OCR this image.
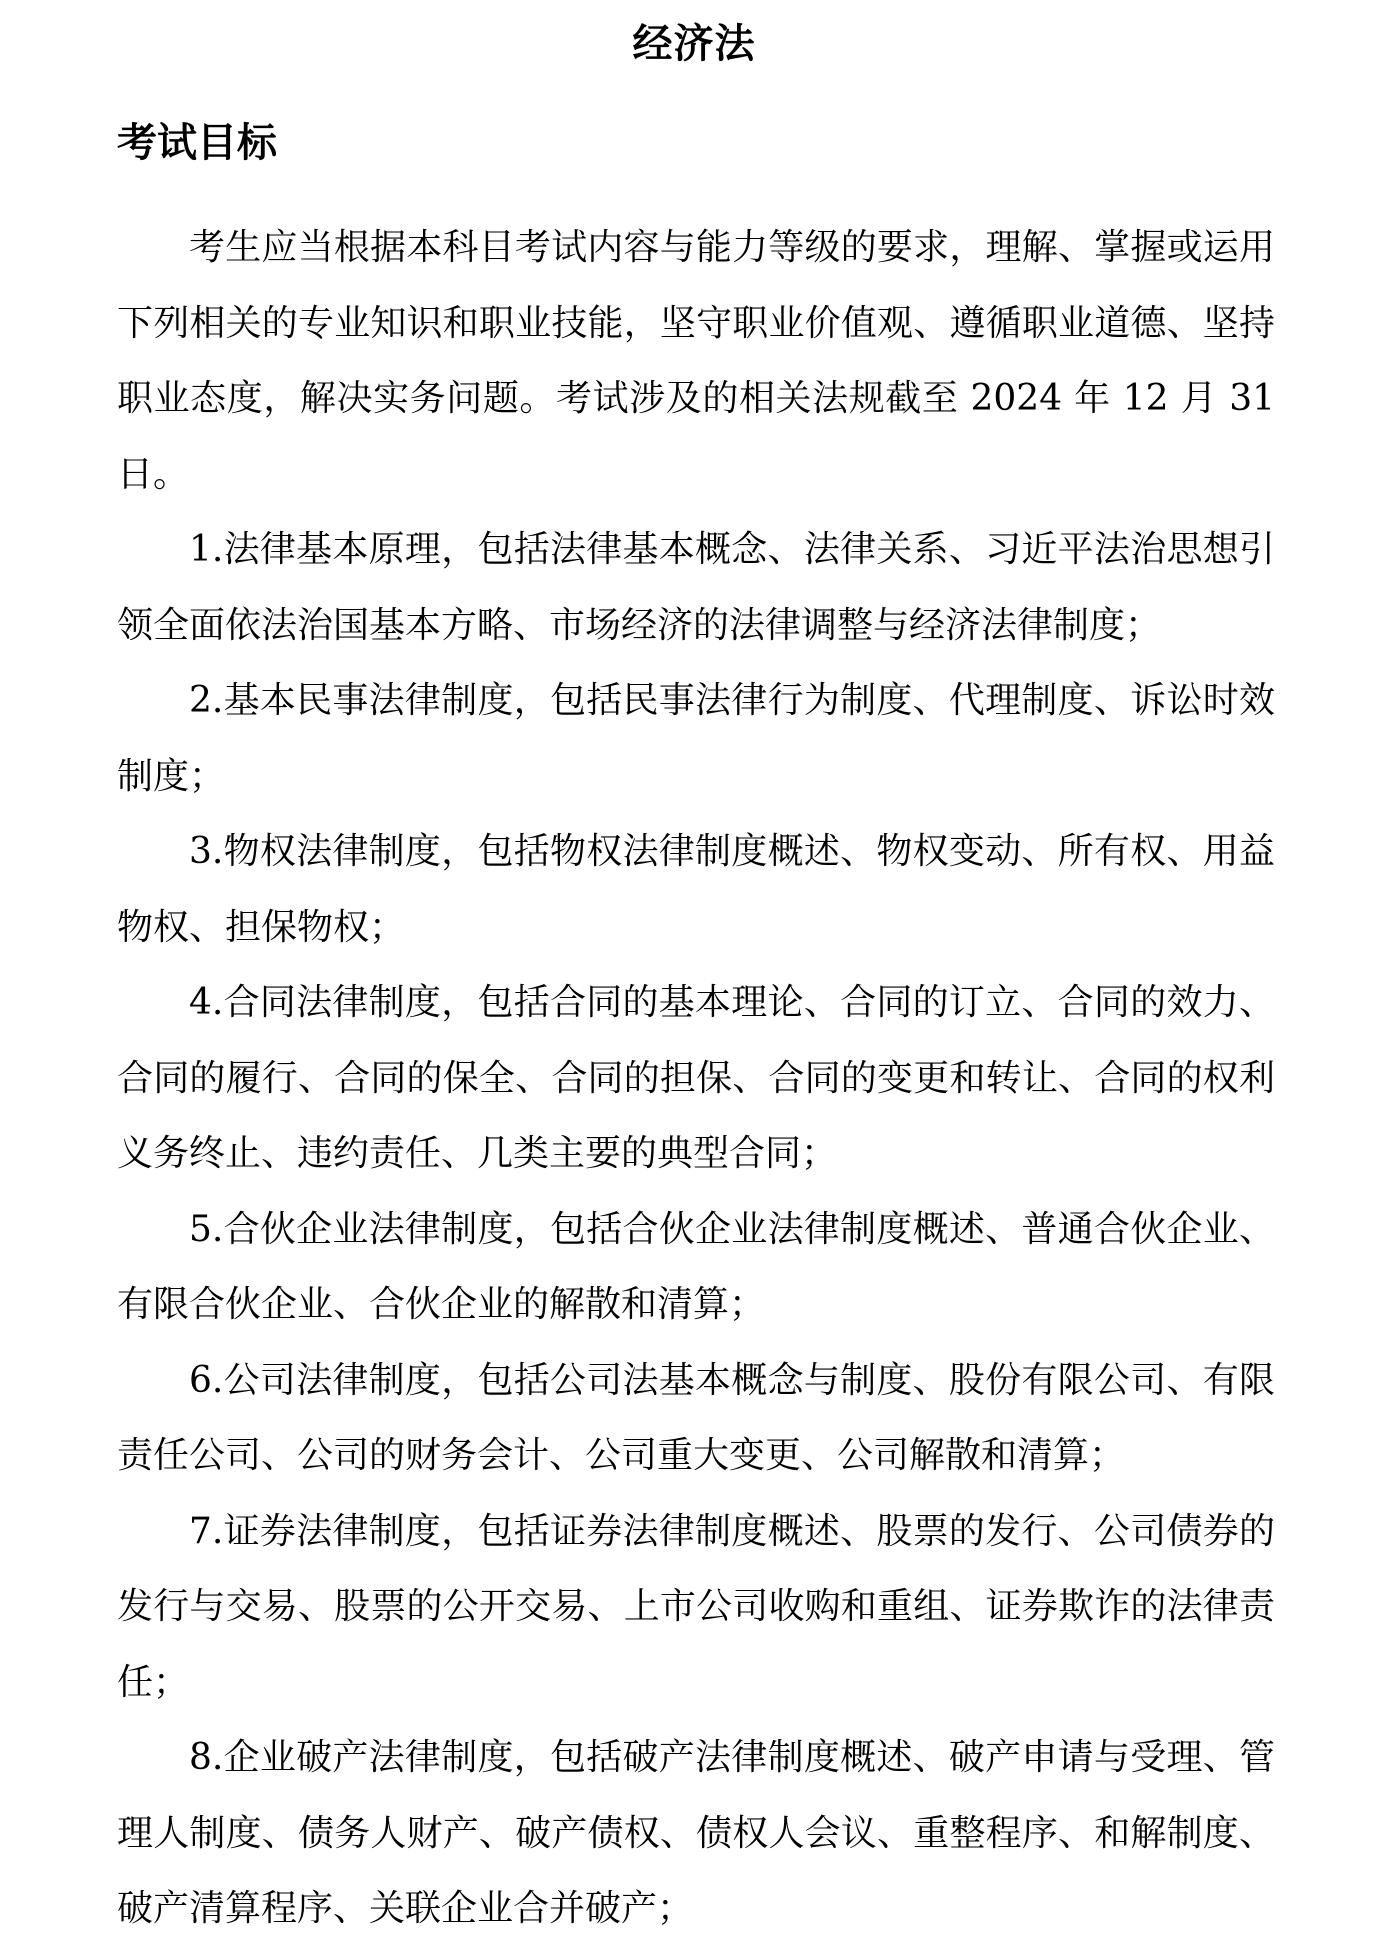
经济法
考试目标

考生应当根据本科目考试内容与能力等级的要求，理解、掌握或运用下列相关的专业知识和职业技能，坚守职业价值观、遵循职业道德、坚持职业态度，解决实务问题。考试涉及的相关法规截至 2024 年 12 月 31 日。

1.法律基本原理，包括法律基本概念、法律关系、习近平法治思想引领全面依法治国基本方略、市场经济的法律调整与经济法律制度；

2.基本民事法律制度，包括民事法律行为制度、代理制度、诉讼时效制度；

3.物权法律制度，包括物权法律制度概述、物权变动、所有权、用益物权、担保物权；

4.合同法律制度，包括合同的基本理论、合同的订立、合同的效力、合同的履行、合同的保全、合同的担保、合同的变更和转让、合同的权利义务终止、违约责任、几类主要的典型合同；

5.合伙企业法律制度，包括合伙企业法律制度概述、普通合伙企业、有限合伙企业、合伙企业的解散和清算；

6.公司法律制度，包括公司法基本概念与制度、股份有限公司、有限责任公司、公司的财务会计、公司重大变更、公司解散和清算；

7.证券法律制度，包括证券法律制度概述、股票的发行、公司债券的发行与交易、股票的公开交易、上市公司收购和重组、证券欺诈的法律责任；

8.企业破产法律制度，包括破产法律制度概述、破产申请与受理、管理人制度、债务人财产、破产债权、债权人会议、重整程序、和解制度、破产清算程序、关联企业合并破产；
